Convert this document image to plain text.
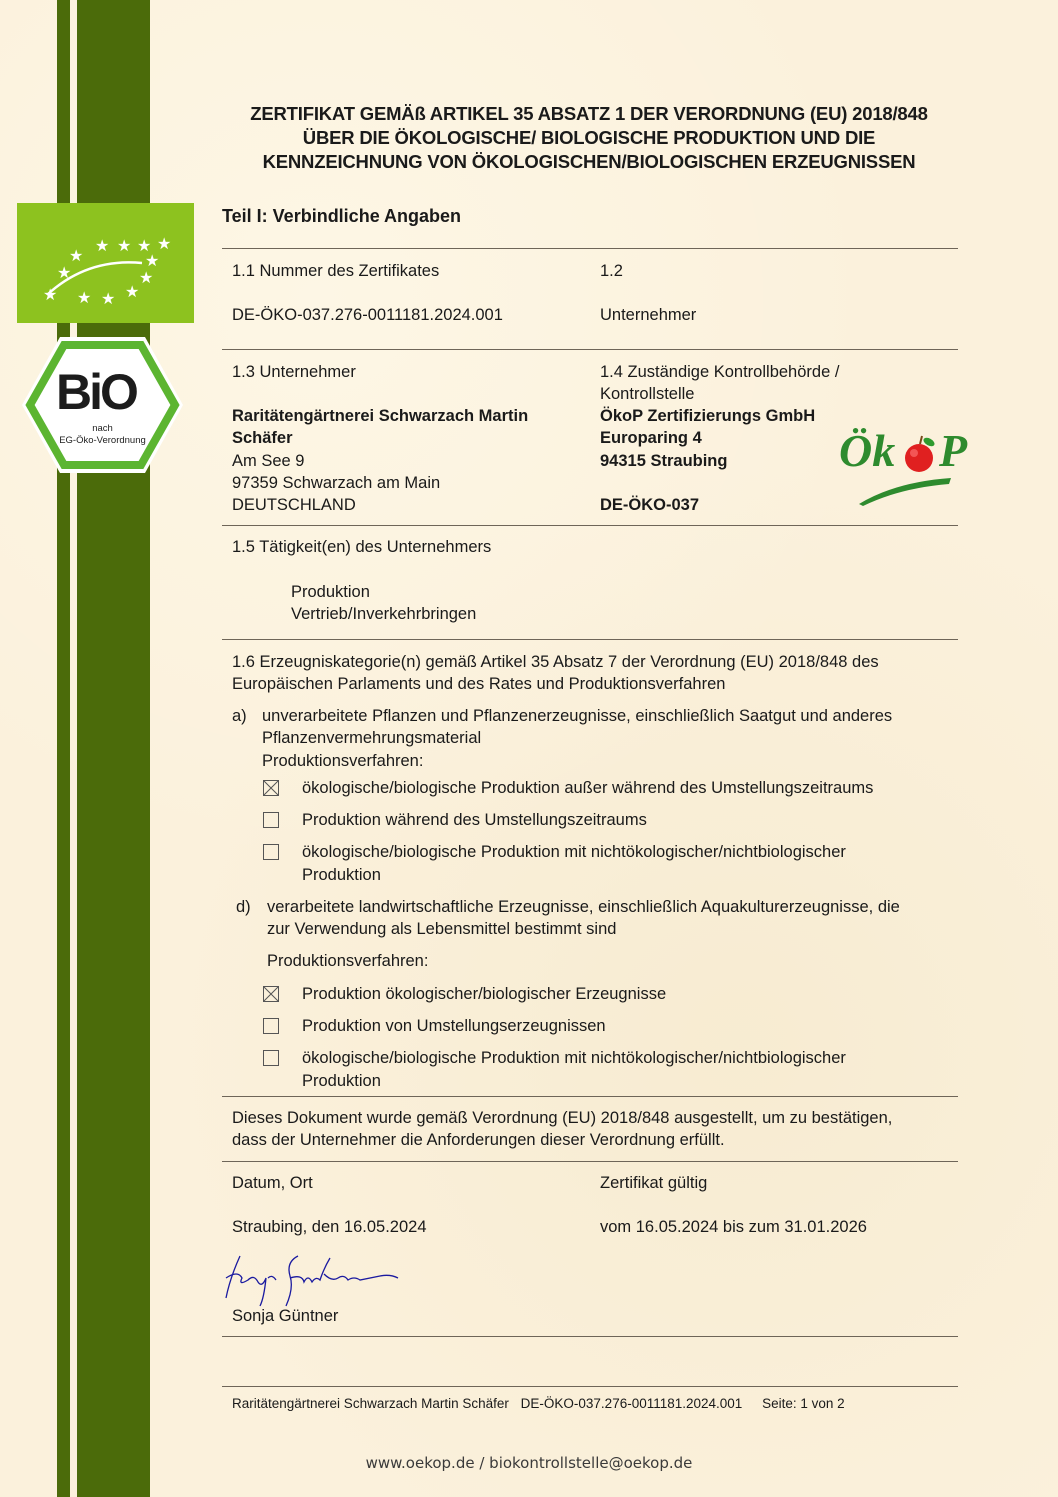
★ ★ ★ ★
★
★
★
★
★
★
★
★
BiO
nach
EG-Öko-Verordnung
ZERTIFIKAT GEMÄß ARTIKEL 35 ABSATZ 1 DER VERORDNUNG (EU) 2018/848
ÜBER DIE ÖKOLOGISCHE/ BIOLOGISCHE PRODUKTION UND DIE
KENNZEICHNUNG VON ÖKOLOGISCHEN/BIOLOGISCHEN ERZEUGNISSEN
Teil I: Verbindliche Angaben
1.1 Nummer des Zertifikates
DE-ÖKO-037.276-0011181.2024.001
1.2
Unternehmer
1.3 Unternehmer
Raritätengärtnerei Schwarzach Martin
Schäfer
Am See 9
97359 Schwarzach am Main
DEUTSCHLAND
1.4 Zuständige Kontrollbehörde /
Kontrollstelle
ÖkoP Zertifizierungs GmbH
Europaring 4
94315 Straubing
DE-ÖKO-037
Ök P
1.5 Tätigkeit(en) des Unternehmers
Produktion
Vertrieb/Inverkehrbringen
1.6 Erzeugniskategorie(n) gemäß Artikel 35 Absatz 7 der Verordnung (EU) 2018/848 des
Europäischen Parlaments und des Rates und Produktionsverfahren
a) unverarbeitete Pflanzen und Pflanzenerzeugnisse, einschließlich Saatgut und anderes
Pflanzenvermehrungsmaterial
Produktionsverfahren:
ökologische/biologische Produktion außer während des Umstellungszeitraums
Produktion während des Umstellungszeitraums
ökologische/biologische Produktion mit nichtökologischer/nichtbiologischer
Produktion
d) verarbeitete landwirtschaftliche Erzeugnisse, einschließlich Aquakulturerzeugnisse, die
zur Verwendung als Lebensmittel bestimmt sind
Produktionsverfahren:
Produktion ökologischer/biologischer Erzeugnisse
Produktion von Umstellungserzeugnissen
ökologische/biologische Produktion mit nichtökologischer/nichtbiologischer
Produktion
Dieses Dokument wurde gemäß Verordnung (EU) 2018/848 ausgestellt, um zu bestätigen,
dass der Unternehmer die Anforderungen dieser Verordnung erfüllt.
Datum, Ort
Straubing, den 16.05.2024
Zertifikat gültig
vom 16.05.2024 bis zum 31.01.2026
Sonja Güntner
Raritätengärtnerei Schwarzach Martin Schäfer DE-ÖKO-037.276-0011181.2024.001 Seite: 1 von 2
www.oekop.de / biokontrollstelle@oekop.de
